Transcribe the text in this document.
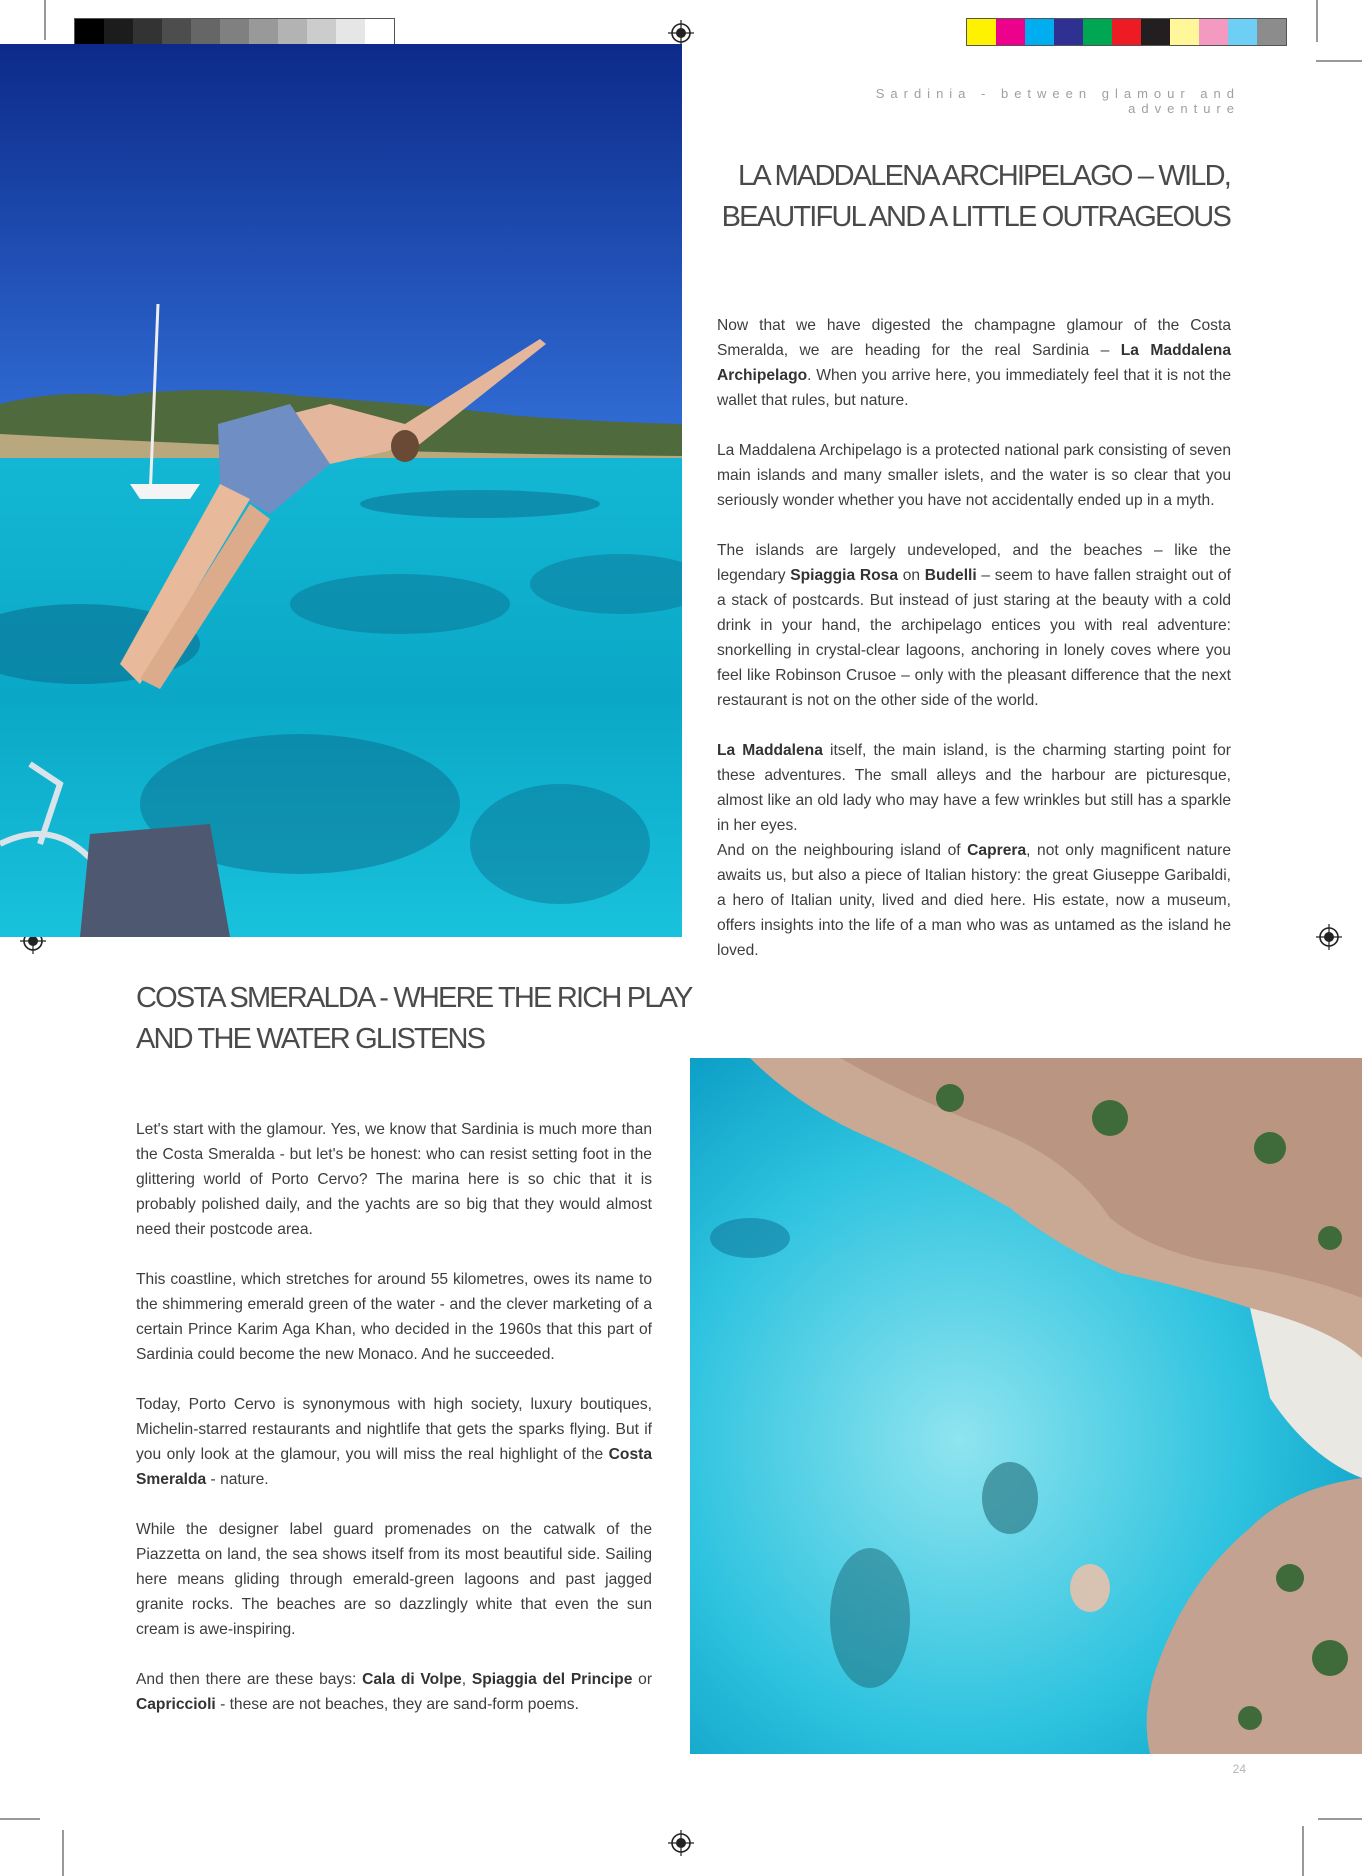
Sardinia - between glamour and adventure
LA MADDALENA ARCHIPELAGO – WILD,
BEAUTIFUL AND A LITTLE OUTRAGEOUS

Now that we have digested the champagne glamour of the Costa Smeralda, we are heading for the real Sardinia – La Maddalena Archipelago. When you arrive here, you immediately feel that it is not the wallet that rules, but nature.

La Maddalena Archipelago is a protected national park consisting of seven main islands and many smaller islets, and the water is so clear that you seriously wonder whether you have not accidentally ended up in a myth.

The islands are largely undeveloped, and the beaches – like the legendary Spiaggia Rosa on Budelli – seem to have fallen straight out of a stack of postcards. But instead of just staring at the beauty with a cold drink in your hand, the archipelago entices you with real adventure: snorkelling in crystal-clear lagoons, anchoring in lonely coves where you feel like Robinson Crusoe – only with the pleasant difference that the next restaurant is not on the other side of the world.

La Maddalena itself, the main island, is the charming starting point for these adventures. The small alleys and the harbour are picturesque, almost like an old lady who may have a few wrinkles but still has a sparkle in her eyes.

And on the neighbouring island of Caprera, not only magnificent nature awaits us, but also a piece of Italian history: the great Giuseppe Garibaldi, a hero of Italian unity, lived and died here. His estate, now a museum, offers insights into the life of a man who was as untamed as the island he loved.

COSTA SMERALDA - WHERE THE RICH PLAY
AND THE WATER GLISTENS

Let's start with the glamour. Yes, we know that Sardinia is much more than the Costa Smeralda - but let's be honest: who can resist setting foot in the glittering world of Porto Cervo? The marina here is so chic that it is probably polished daily, and the yachts are so big that they would almost need their postcode area.

This coastline, which stretches for around 55 kilometres, owes its name to the shimmering emerald green of the water - and the clever marketing of a certain Prince Karim Aga Khan, who decided in the 1960s that this part of Sardinia could become the new Monaco. And he succeeded.

Today, Porto Cervo is synonymous with high society, luxury boutiques, Michelin-starred restaurants and nightlife that gets the sparks flying. But if you only look at the glamour, you will miss the real highlight of the Costa Smeralda - nature.

While the designer label guard promenades on the catwalk of the Piazzetta on land, the sea shows itself from its most beautiful side. Sailing here means gliding through emerald-green lagoons and past jagged granite rocks. The beaches are so dazzlingly white that even the sun cream is awe-inspiring.

And then there are these bays: Cala di Volpe, Spiaggia del Principe or Capriccioli - these are not beaches, they are sand-form poems.

24
